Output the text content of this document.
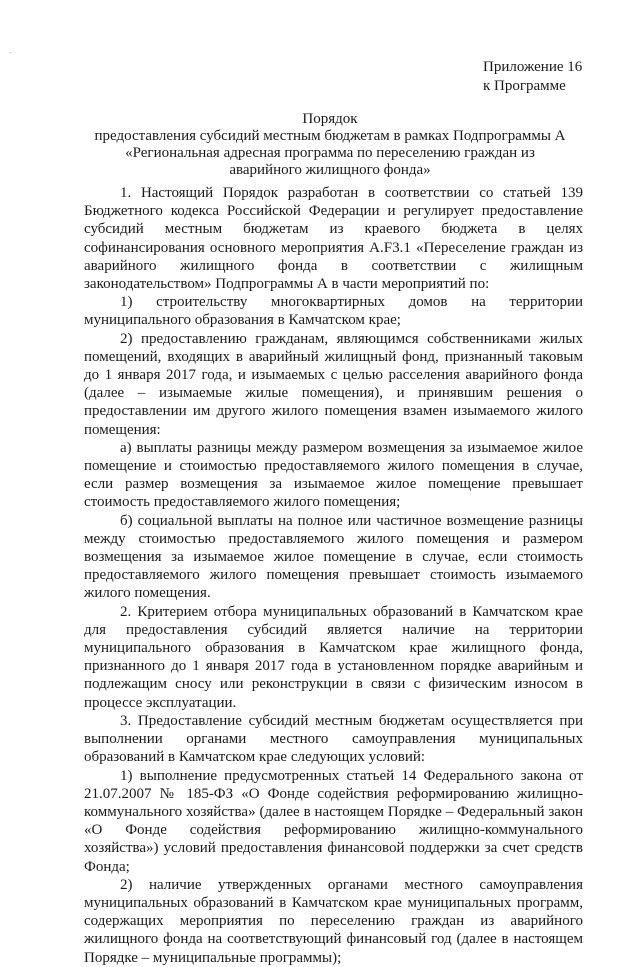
·
Приложение 16
к Программе
Порядок
предоставления субсидий местным бюджетам в рамках Подпрограммы А
«Региональная адресная программа по переселению граждан из
аварийного жилищного фонда»

1. Настоящий Порядок разработан в соответствии со статьей 139 Бюджетного кодекса Российской Федерации и регулирует предоставление субсидий местным бюджетам из краевого бюджета в целях софинансирования основного мероприятия А.F3.1 «Переселение граждан из аварийного жилищного фонда в соответствии с жилищным законодательством» Подпрограммы А в части мероприятий по:

1) строительству многоквартирных домов на территории муниципального образования в Камчатском крае;

2) предоставлению гражданам, являющимся собственниками жилых помещений, входящих в аварийный жилищный фонд, признанный таковым до 1 января 2017 года, и изымаемых с целью расселения аварийного фонда (далее – изымаемые жилые помещения), и принявшим решения о предоставлении им другого жилого помещения взамен изымаемого жилого помещения:

а) выплаты разницы между размером возмещения за изымаемое жилое помещение и стоимостью предоставляемого жилого помещения в случае, если размер возмещения за изымаемое жилое помещение превышает стоимость предоставляемого жилого помещения;

б) социальной выплаты на полное или частичное возмещение разницы между стоимостью предоставляемого жилого помещения и размером возмещения за изымаемое жилое помещение в случае, если стоимость предоставляемого жилого помещения превышает стоимость изымаемого жилого помещения.

2. Критерием отбора муниципальных образований в Камчатском крае для предоставления субсидий является наличие на территории муниципального образования в Камчатском крае жилищного фонда, признанного до 1 января 2017 года в установленном порядке аварийным и подлежащим сносу или реконструкции в связи с физическим износом в процессе эксплуатации.

3. Предоставление субсидий местным бюджетам осуществляется при выполнении органами местного самоуправления муниципальных образований в Камчатском крае следующих условий:

1) выполнение предусмотренных статьей 14 Федерального закона от 21.07.2007 № 185-ФЗ «О Фонде содействия реформированию жилищно-коммунального хозяйства» (далее в настоящем Порядке – Федеральный закон «О Фонде содействия реформированию жилищно-коммунального хозяйства») условий предоставления финансовой поддержки за счет средств Фонда;

2) наличие утвержденных органами местного самоуправления муниципальных образований в Камчатском крае муниципальных программ, содержащих мероприятия по переселению граждан из аварийного жилищного фонда на соответствующий финансовый год (далее в настоящем Порядке – муниципальные программы);
